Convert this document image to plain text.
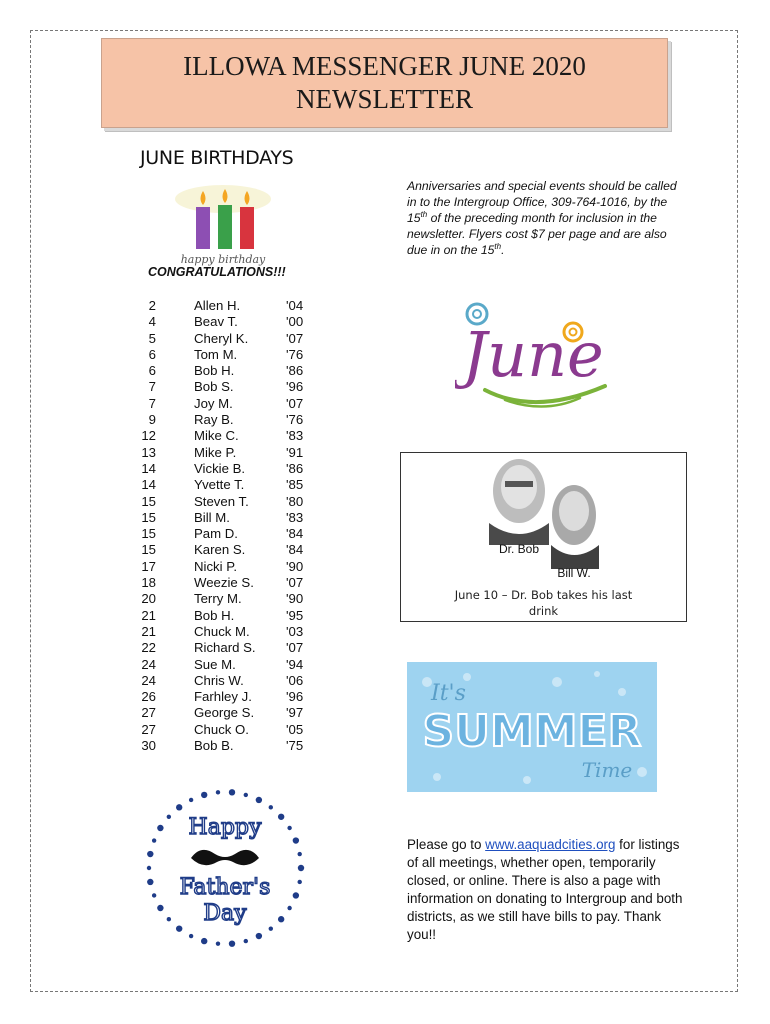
ILLOWA MESSENGER JUNE 2020
NEWSLETTER
JUNE BIRTHDAYS
happy birthday
CONGRATULATIONS!!!
2	Allen H.	'04
4	Beav T.	'00
5	Cheryl K.	'07
6	Tom M.	'76
6	Bob H.	'86
7	Bob S.	'96
7	Joy M.	'07
9	Ray B.	'76
12	Mike C.	'83
13	Mike P.	'91
14	Vickie B.	'86
14	Yvette T.	'85
15	Steven T.	'80
15	Bill M.	'83
15	Pam D.	'84
15	Karen S.	'84
17	Nicki P.	'90
18	Weezie S.	'07
20	Terry M.	'90
21	Bob H.	'95
21	Chuck M.	'03
22	Richard S.	'07
24	Sue M.	'94
24	Chris W.	'06
26	Farhley J.	'96
27	George S.	'97
27	Chuck O.	'05
30	Bob B.	'75
Anniversaries and special events should be called in to the Intergroup Office, 309-764-1016, by the 15th of the preceding month for inclusion in the newsletter. Flyers cost $7 per page and are also due in on the 15th.
June
Dr. Bob
Bill W.
June 10 – Dr. Bob takes his last
drink
It's
SUMMER
Time
Please go to www.aaquadcities.org for listings of all meetings, whether open, temporarily closed, or online. There is also a page with information on donating to Intergroup and both districts, as we still have bills to pay. Thank you!!
Happy
Father's
Day
